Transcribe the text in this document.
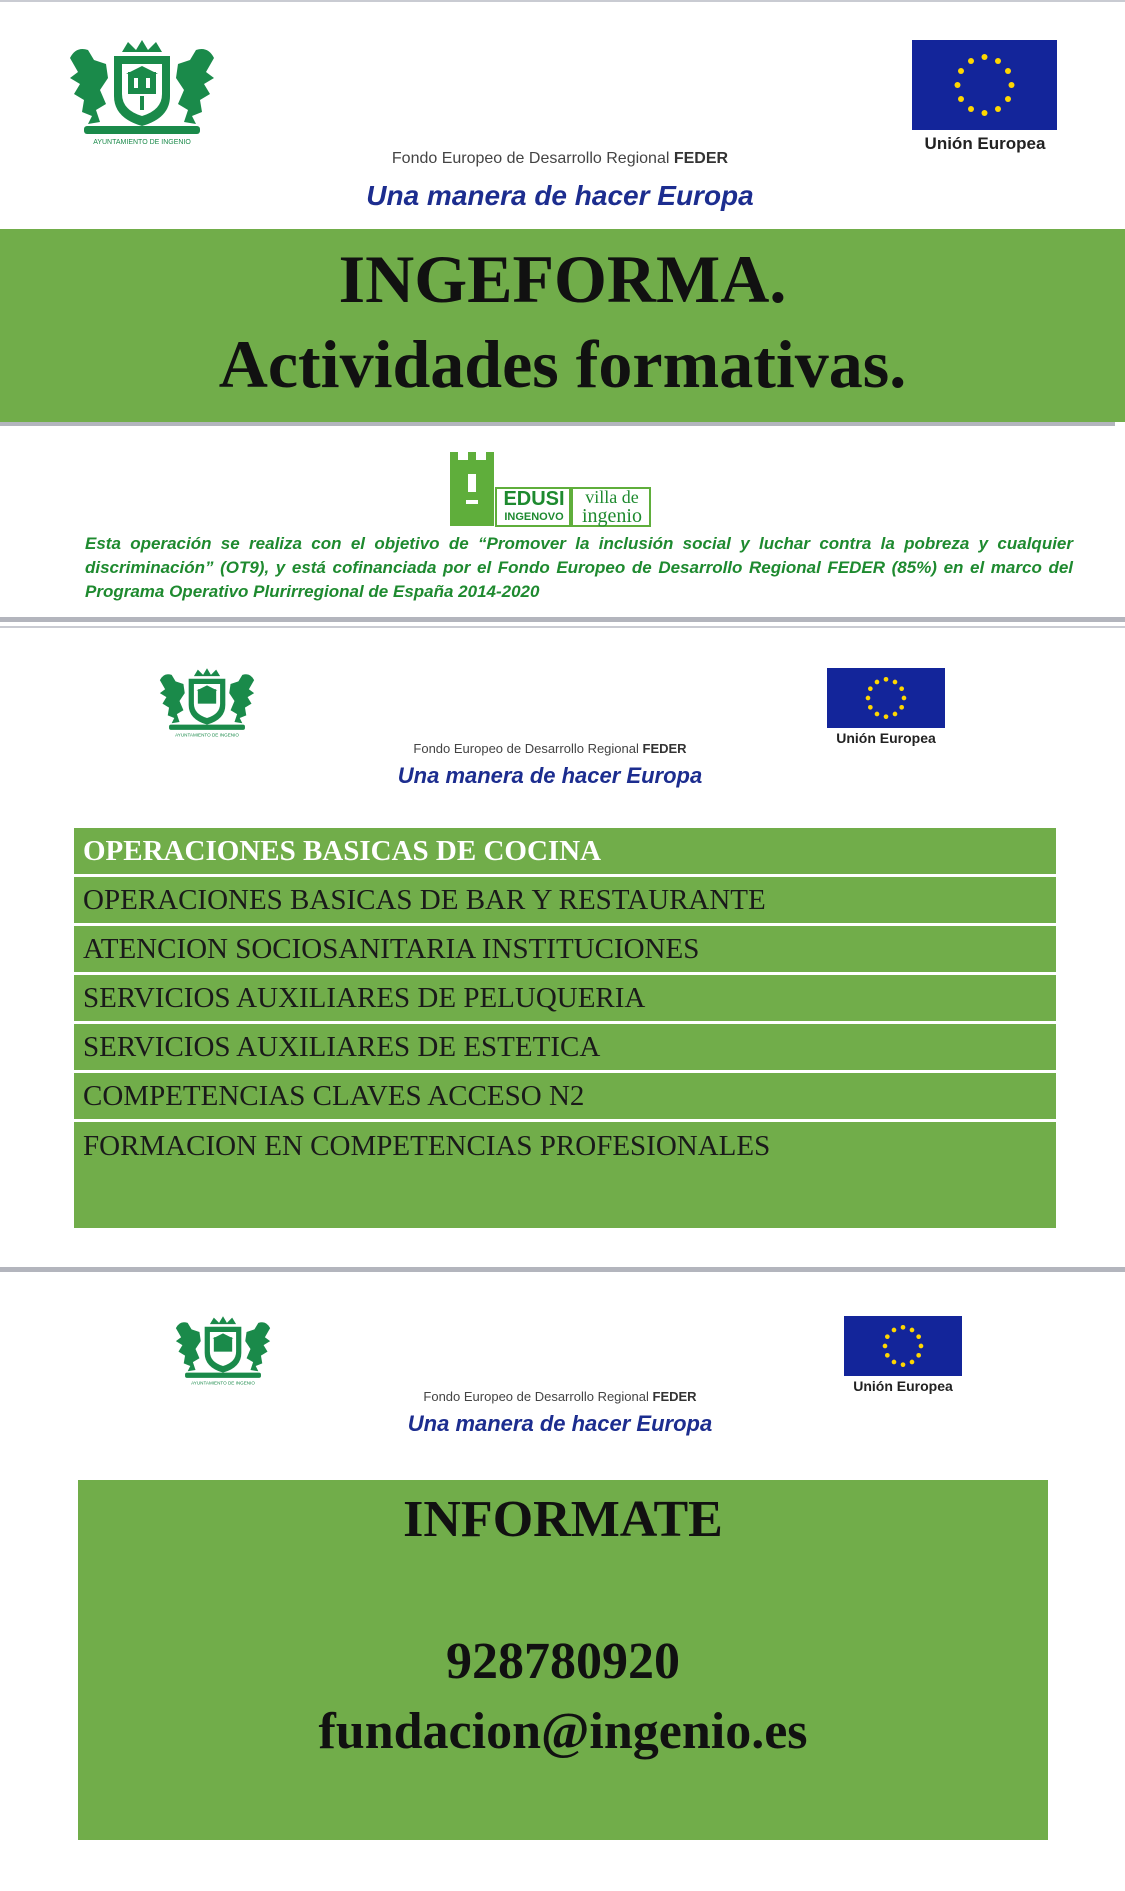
AYUNTAMIENTO DE INGENIO	Unión Europea
Fondo Europeo de Desarrollo Regional FEDER
Una manera de hacer Europa
INGEFORMA.
Actividades formativas.
EDUSI
INGENOVO
villa de
ingenio
Esta operación se realiza con el objetivo de “Promover la inclusión social y luchar contra la pobreza y cualquier discriminación” (OT9), y está cofinanciada por el Fondo Europeo de Desarrollo Regional FEDER (85%) en el marco del Programa Operativo Plurirregional de España 2014-2020
AYUNTAMIENTO DE INGENIO	Unión Europea
Fondo Europeo de Desarrollo Regional FEDER
Una manera de hacer Europa
OPERACIONES BASICAS DE COCINA
OPERACIONES BASICAS DE BAR Y RESTAURANTE
ATENCION SOCIOSANITARIA INSTITUCIONES
SERVICIOS AUXILIARES DE PELUQUERIA
SERVICIOS AUXILIARES DE ESTETICA
COMPETENCIAS CLAVES ACCESO N2
FORMACION EN COMPETENCIAS PROFESIONALES
AYUNTAMIENTO DE INGENIO	Unión Europea
Fondo Europeo de Desarrollo Regional FEDER
Una manera de hacer Europa
INFORMATE
928780920
fundacion@ingenio.es
